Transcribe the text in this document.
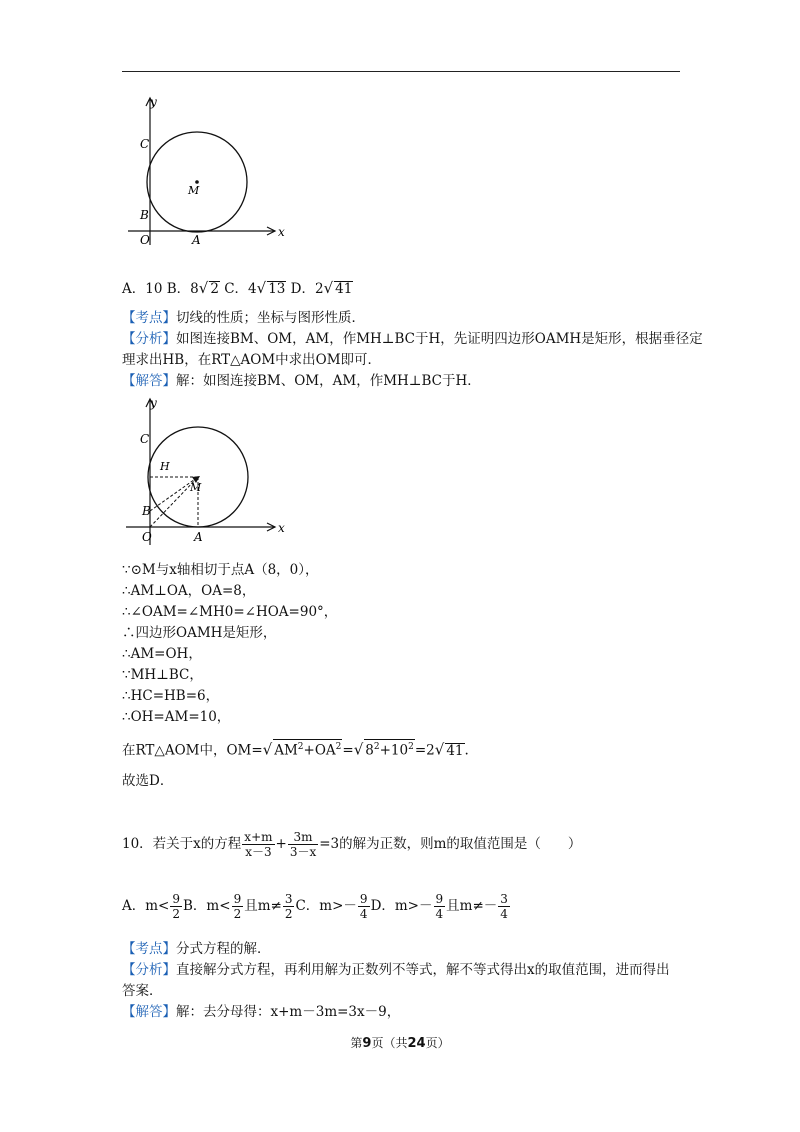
y
x
C
M
B
O	A
A．10 B．8√ 2 C．4√ 13 D．2√ 41
【考点】切线的性质；坐标与图形性质．
【分析】如图连接BM、OM，AM，作MH⊥BC于H，先证明四边形OAMH是矩形，根据垂径定
理求出HB，在RT△AOM中求出OM即可．
【解答】解：如图连接BM、OM，AM，作MH⊥BC于H．
y
x
C
H
M
B
O	A
∵⊙M与x轴相切于点A（8，0），
∴AM⊥OA，OA=8，
∴∠OAM=∠MH0=∠HOA=90°，
∴四边形OAMH是矩形，
∴AM=OH，
∵MH⊥BC，
∴HC=HB=6，
∴OH=AM=10，
在RT△AOM中，OM=√ $AM^2+OA^2=√$ $8^2+10^2=2√$ 41.
故选D．
10．若关于x的方程 $\frac{x+m}{x-3} + \frac{3m}{3-x} =3$的解为正数，则m的取值范围是（　　）
A．$m< \frac{9}{2}$ B．$m< \frac{9}{2}$ 且$m\ne \frac{3}{2}$ C．$m>- \frac{9}{4}$ D．$m>- \frac{9}{4}$ 且$m\ne- \frac{3}{4}$
【考点】分式方程的解．
【分析】直接解分式方程，再利用解为正数列不等式，解不等式得出x的取值范围，进而得出
答案．
【解答】解：去分母得：x+m－3m=3x－9，
第9页（共24页）
